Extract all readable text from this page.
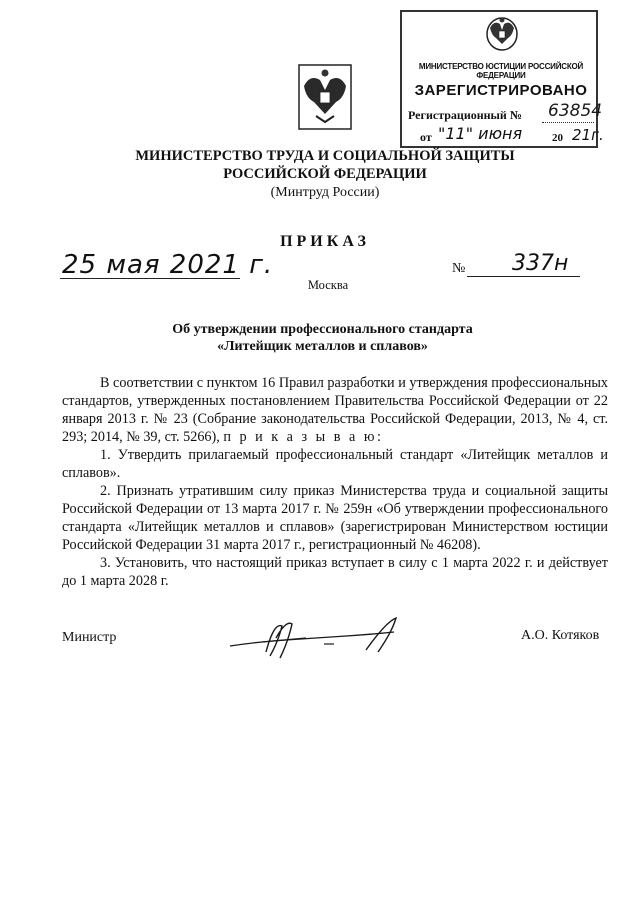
МИНИСТЕРСТВО ЮСТИЦИИ РОССИЙСКОЙ ФЕДЕРАЦИИ
ЗАРЕГИСТРИРОВАНО
Регистрационный № 63854
от "11" июня	20 21г.
МИНИСТЕРСТВО ТРУДА И СОЦИАЛЬНОЙ ЗАЩИТЫ
РОССИЙСКОЙ ФЕДЕРАЦИИ
(Минтруд России)
ПРИКАЗ
25 мая 2021 г.	№ 337н
Москва
Об утверждении профессионального стандарта
«Литейщик металлов и сплавов»

В соответствии с пунктом 16 Правил разработки и утверждения профессиональных стандартов, утвержденных постановлением Правительства Российской Федерации от 22 января 2013 г. № 23 (Собрание законодательства Российской Федерации, 2013, № 4, ст. 293; 2014, № 39, ст. 5266), п р и к а з ы в а ю:

1. Утвердить прилагаемый профессиональный стандарт «Литейщик металлов и сплавов».

2. Признать утратившим силу приказ Министерства труда и социальной защиты Российской Федерации от 13 марта 2017 г. № 259н «Об утверждении профессионального стандарта «Литейщик металлов и сплавов» (зарегистрирован Министерством юстиции Российской Федерации 31 марта 2017 г., регистрационный № 46208).

3. Установить, что настоящий приказ вступает в силу с 1 марта 2022 г. и действует до 1 марта 2028 г.

Министр	А.О. Котяков
